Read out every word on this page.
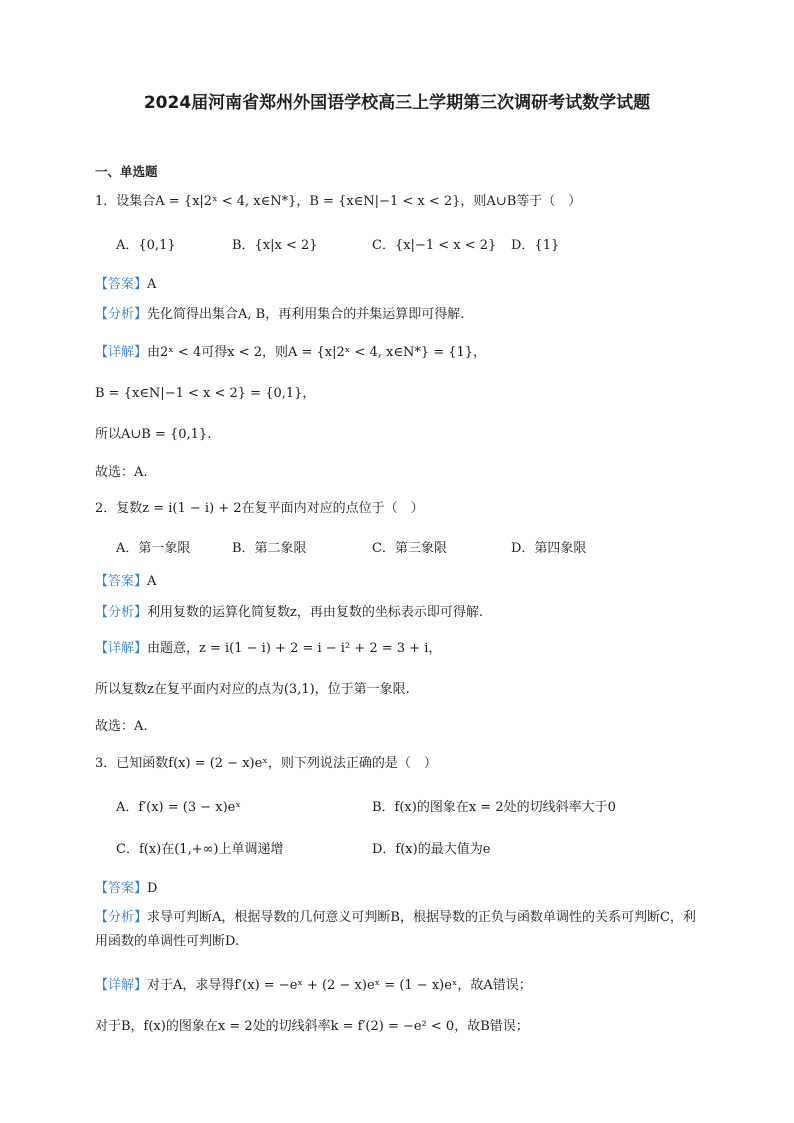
2024届河南省郑州外国语学校高三上学期第三次调研考试数学试题
一、单选题
1．设集合A = {x|2ˣ < 4, x∈N*}，B = {x∈N|−1 < x < 2}，则A∪B等于（　）
A．{0,1}	B．{x|x < 2}	C．{x|−1 < x < 2} D．{1}
【答案】A
【分析】先化简得出集合A, B，再利用集合的并集运算即可得解.
【详解】由2ˣ < 4可得x < 2，则A = {x|2ˣ < 4, x∈N*} = {1}，
B = {x∈N|−1 < x < 2} = {0,1}，
所以A∪B = {0,1}.
故选：A.
2．复数z = i(1 − i) + 2在复平面内对应的点位于（　）
A．第一象限	B．第二象限	C．第三象限	D．第四象限
【答案】A
【分析】利用复数的运算化简复数z，再由复数的坐标表示即可得解.
【详解】由题意，z = i(1 − i) + 2 = i − i² + 2 = 3 + i，
所以复数z在复平面内对应的点为(3,1)，位于第一象限.
故选：A.
3．已知函数f(x) = (2 − x)eˣ，则下列说法正确的是（　）
A．f′(x) = (3 − x)eˣ	B．f(x)的图象在x = 2处的切线斜率大于0
C．f(x)在(1,+∞)上单调递增	D．f(x)的最大值为e
【答案】D
【分析】求导可判断A，根据导数的几何意义可判断B，根据导数的正负与函数单调性的关系可判断C，利用函数的单调性可判断D.
【详解】对于A，求导得f′(x) = −eˣ + (2 − x)eˣ = (1 − x)eˣ，故A错误；
对于B，f(x)的图象在x = 2处的切线斜率k = f′(2) = −e² < 0，故B错误；
